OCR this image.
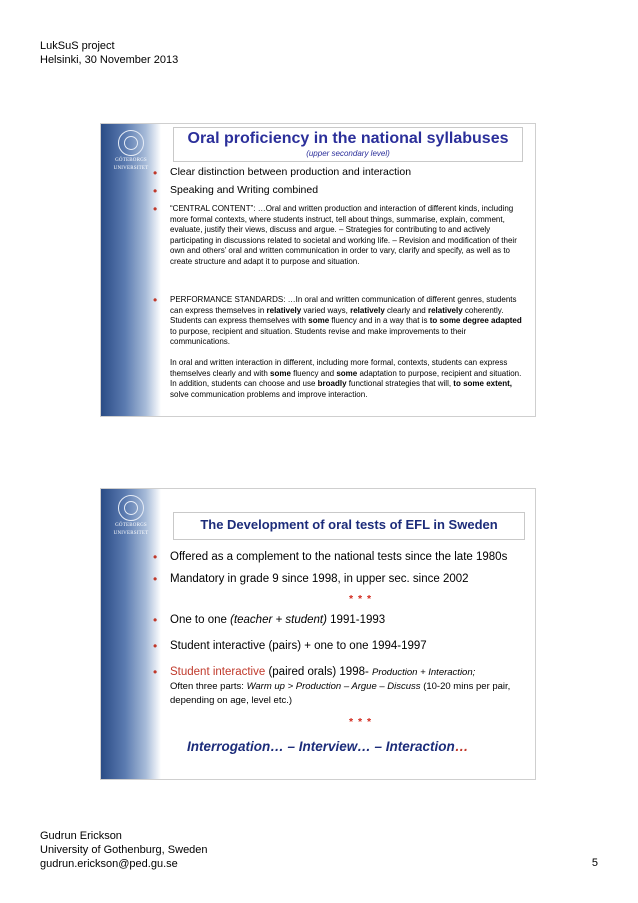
LukSuS project
Helsinki, 30 November 2013
GÖTEBORGS
UNIVERSITET
Oral proficiency in the national syllabuses
(upper secondary level)
• Clear distinction between production and interaction
• Speaking and Writing combined
• “CENTRAL CONTENT”: …Oral and written production and interaction of different kinds, including more formal contexts, where students instruct, tell about things, summarise, explain, comment, evaluate, justify their views, discuss and argue. – Strategies for contributing to and actively participating in discussions related to societal and working life. – Revision and modification of their own and others’ oral and written communication in order to vary, clarify and specify, as well as to create structure and adapt it to purpose and situation.
• PERFORMANCE STANDARDS: …In oral and written communication of different genres, students can express themselves in relatively varied ways, relatively clearly and relatively coherently. Students can express themselves with some fluency and in a way that is to some degree adapted to purpose, recipient and situation. Students revise and make improvements to their communications.
In oral and written interaction in different, including more formal, contexts, students can express themselves clearly and with some fluency and some adaptation to purpose, recipient and situation. In addition, students can choose and use broadly functional strategies that will, to some extent, solve communication problems and improve interaction.
GÖTEBORGS
UNIVERSITET
The Development of oral tests of EFL in Sweden
• Offered as a complement to the national tests since the late 1980s
• Mandatory in grade 9 since 1998, in upper sec. since 2002
* * *
• One to one (teacher + student) 1991-1993
• Student interactive (pairs) + one to one 1994-1997
• Student interactive (paired orals) 1998- Production + Interaction;
Often three parts: Warm up > Production – Argue – Discuss (10-20 mins per pair, depending on age, level etc.)
* * *
Interrogation… – Interview… – Interaction…
Gudrun Erickson
University of Gothenburg, Sweden
gudrun.erickson@ped.gu.se	5
